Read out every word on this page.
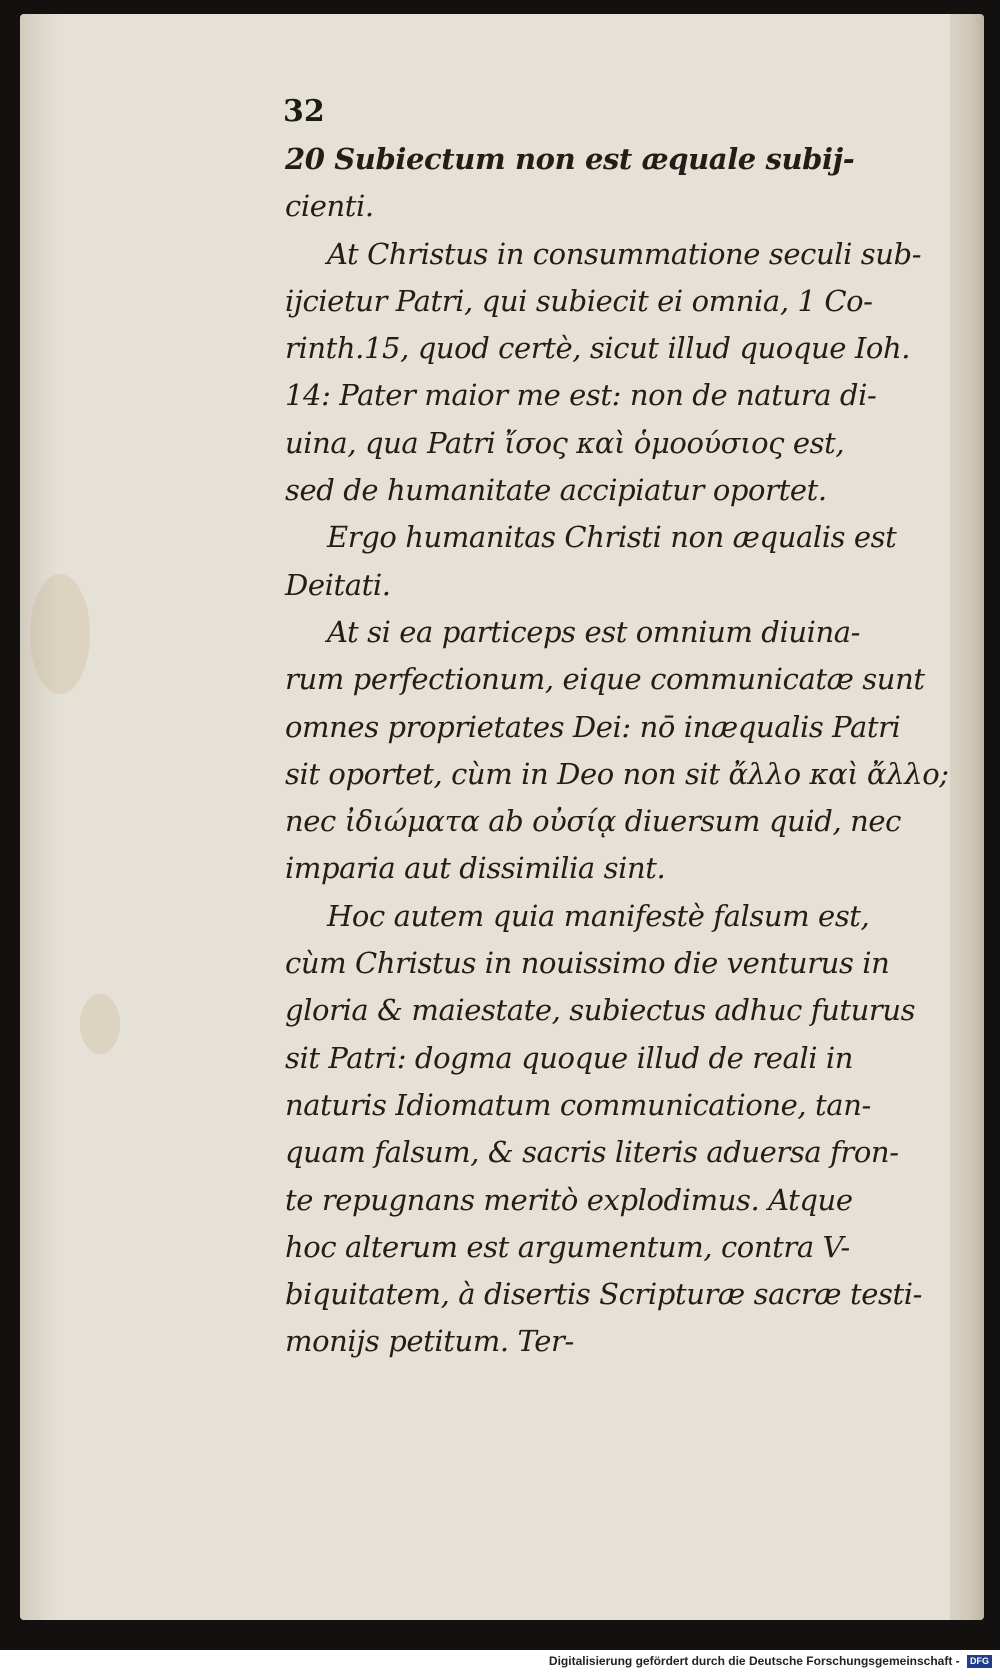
32
20 Subiectum non est æquale subij-
cienti.
At Christus in consummatione seculi sub-
ijcietur Patri, qui subiecit ei omnia, 1 Co-
rinth.15, quod certè, sicut illud quoque Ioh.
14: Pater maior me est: non de natura di-
uina, qua Patri ἴσος καὶ ὁμοούσιος est,
sed de humanitate accipiatur oportet.
Ergo humanitas Christi non æqualis est
Deitati.
At si ea particeps est omnium diuina-
rum perfectionum, eique communicatæ sunt
omnes proprietates Dei: nō inæqualis Patri
sit oportet, cùm in Deo non sit ἄλλο καὶ ἄλλο;
nec ἰδιώματα ab οὐσίᾳ diuersum quid, nec
imparia aut dissimilia sint.
Hoc autem quia manifestè falsum est,
cùm Christus in nouissimo die venturus in
gloria & maiestate, subiectus adhuc futurus
sit Patri: dogma quoque illud de reali in
naturis Idiomatum communicatione, tan-
quam falsum, & sacris literis aduersa fron-
te repugnans meritò explodimus. Atque
hoc alterum est argumentum, contra V-
biquitatem, à disertis Scripturæ sacræ testi-
monijs petitum. Ter-
Digitalisierung gefördert durch die Deutsche Forschungsgemeinschaft - DFG
